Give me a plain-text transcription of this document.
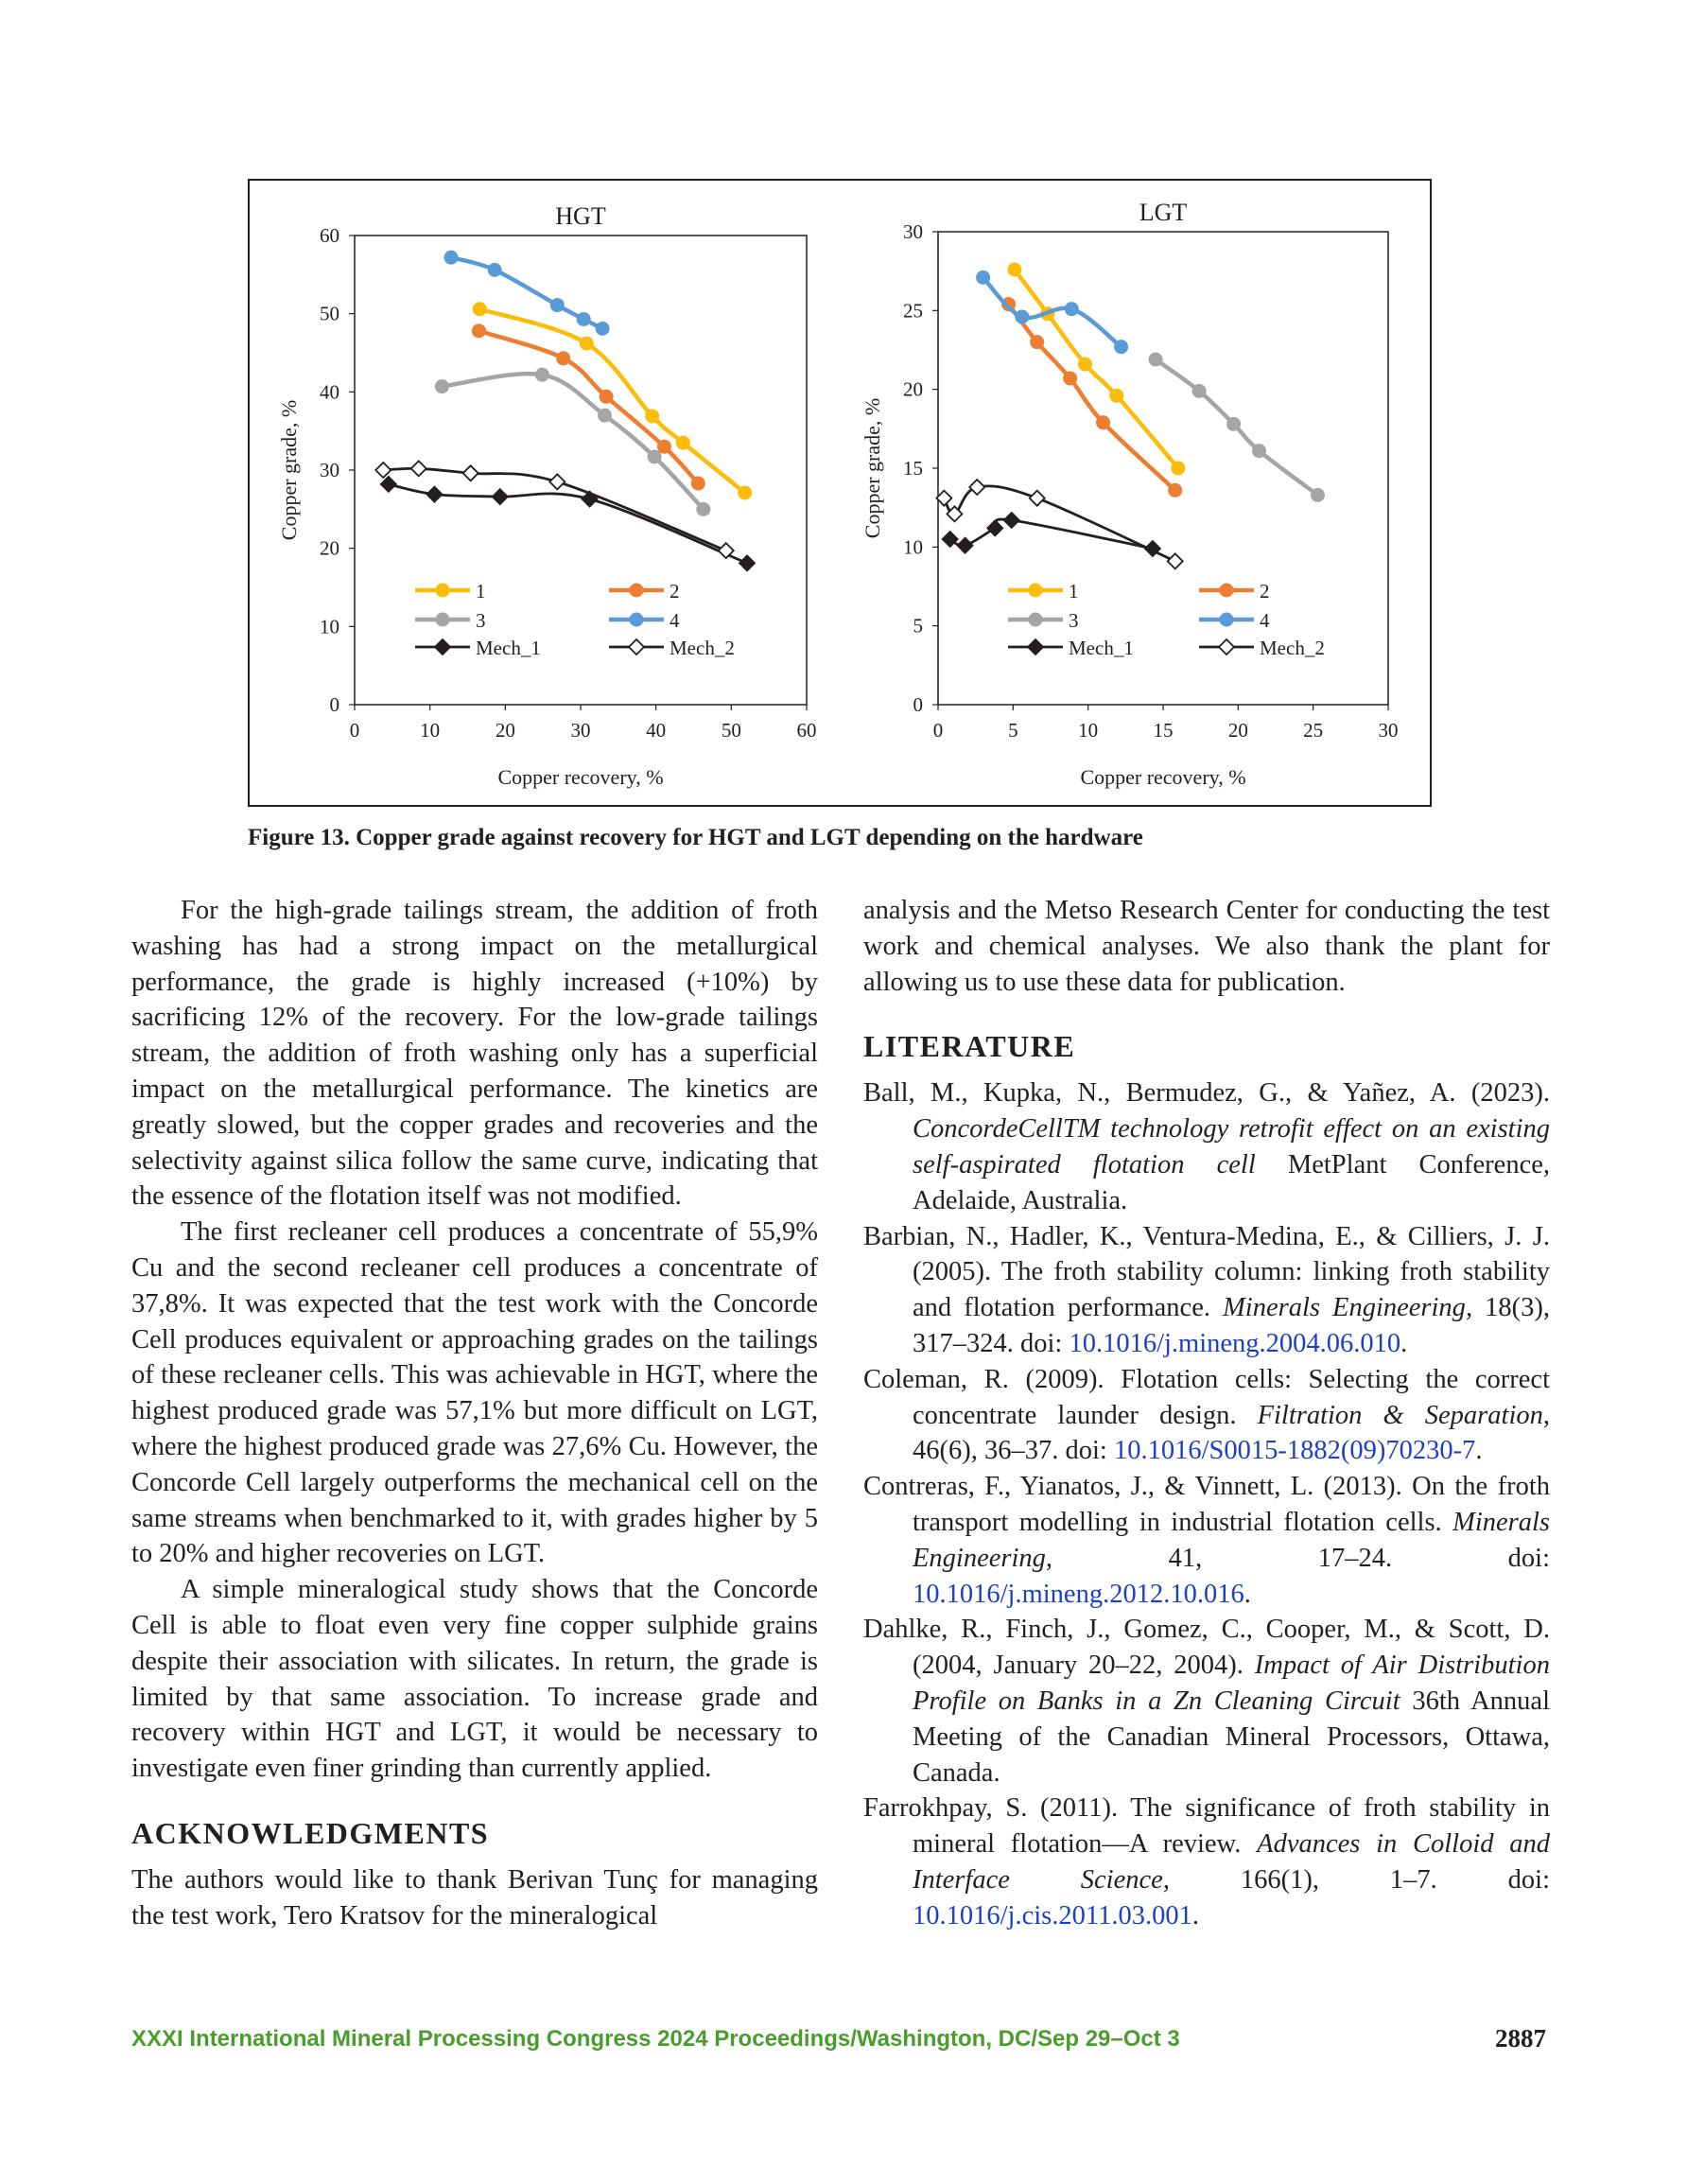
HGT
0	10	20	30	40	50	60
0
10
20
30
40
50
60
Copper recovery, %
Copper grade, %
1	2
3	4
Mech_1	Mech_2
LGT
0	5	10	15	20	25	30
0
5
10
15
20
25
30
Copper recovery, %
Copper grade, %
1	2
3	4
Mech_1	Mech_2
Figure 13. Copper grade against recovery for HGT and LGT depending on the hardware

For the high-grade tailings stream, the addition of froth washing has had a strong impact on the metallurgical performance, the grade is highly increased (+10%) by sacrificing 12% of the recovery. For the low-grade tailings stream, the addition of froth washing only has a superficial impact on the metallurgical performance. The kinetics are greatly slowed, but the copper grades and recoveries and the selectivity against silica follow the same curve, indicating that the essence of the flotation itself was not modified.

The first recleaner cell produces a concentrate of 55,9% Cu and the second recleaner cell produces a concentrate of 37,8%. It was expected that the test work with the Concorde Cell produces equivalent or approaching grades on the tailings of these recleaner cells. This was achievable in HGT, where the highest produced grade was 57,1% but more difficult on LGT, where the highest produced grade was 27,6% Cu. However, the Concorde Cell largely outperforms the mechanical cell on the same streams when benchmarked to it, with grades higher by 5 to 20% and higher recoveries on LGT.

A simple mineralogical study shows that the Concorde Cell is able to float even very fine copper sulphide grains despite their association with silicates. In return, the grade is limited by that same association. To increase grade and recovery within HGT and LGT, it would be necessary to investigate even finer grinding than currently applied.

ACKNOWLEDGMENTS

The authors would like to thank Berivan Tunç for managing the test work, Tero Kratsov for the mineralogical

analysis and the Metso Research Center for conducting the test work and chemical analyses. We also thank the plant for allowing us to use these data for publication.

LITERATURE

Ball, M., Kupka, N., Bermudez, G., & Yañez, A. (2023). ConcordeCellTM technology retrofit effect on an existing self-aspirated flotation cell MetPlant Conference, Adelaide, Australia.

Barbian, N., Hadler, K., Ventura-Medina, E., & Cilliers, J. J. (2005). The froth stability column: linking froth stability and flotation performance. Minerals Engineering, 18(3), 317–324. doi: 10.1016/j.mineng.2004.06.010.

Coleman, R. (2009). Flotation cells: Selecting the correct concentrate launder design. Filtration & Separation, 46(6), 36–37. doi: 10.1016/S0015-1882(09)70230-7.

Contreras, F., Yianatos, J., & Vinnett, L. (2013). On the froth transport modelling in industrial flotation cells. Minerals Engineering, 41, 17–24. doi: 10.1016/j.mineng.2012.10.016.

Dahlke, R., Finch, J., Gomez, C., Cooper, M., & Scott, D. (2004, January 20–22, 2004). Impact of Air Distribution Profile on Banks in a Zn Cleaning Circuit 36th Annual Meeting of the Canadian Mineral Processors, Ottawa, Canada.

Farrokhpay, S. (2011). The significance of froth stability in mineral flotation—A review. Advances in Colloid and Interface Science, 166(1), 1–7. doi: 10.1016/j.cis.2011.03.001.

XXXI International Mineral Processing Congress 2024 Proceedings/Washington, DC/Sep 29–Oct 3	2887
